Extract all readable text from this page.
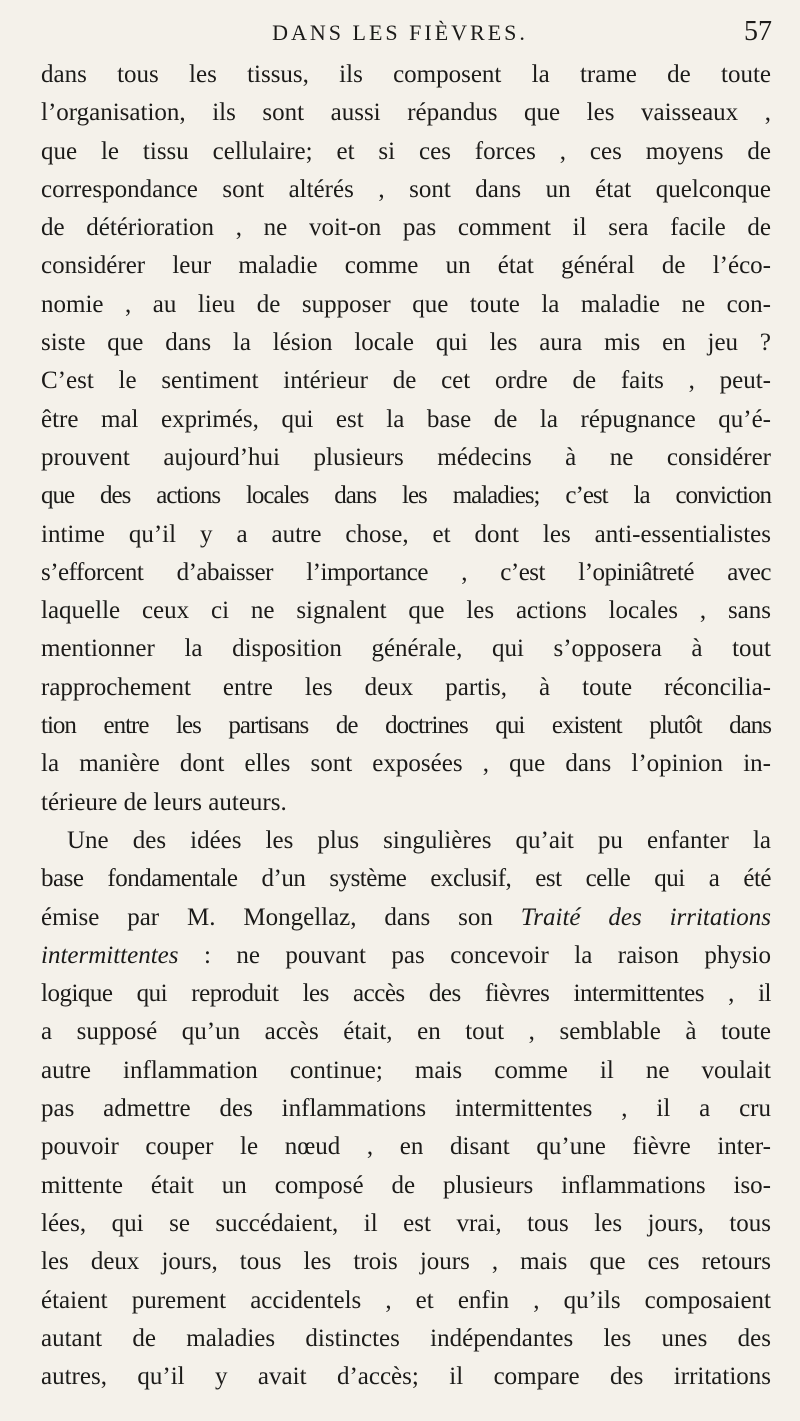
DANS LES FIÈVRES.	57
dans tous les tissus, ils composent la trame de toute
l’organisation, ils sont aussi répandus que les vaisseaux ,
que le tissu cellulaire; et si ces forces , ces moyens de
correspondance sont altérés , sont dans un état quelconque
de détérioration , ne voit-on pas comment il sera facile de
considérer leur maladie comme un état général de l’éco-
nomie , au lieu de supposer que toute la maladie ne con-
siste que dans la lésion locale qui les aura mis en jeu ?
C’est le sentiment intérieur de cet ordre de faits , peut-
être mal exprimés, qui est la base de la répugnance qu’é-
prouvent aujourd’hui plusieurs médecins à ne considérer
que des actions locales dans les maladies; c’est la conviction
intime qu’il y a autre chose, et dont les anti-essentialistes
s’efforcent d’abaisser l’importance , c’est l’opiniâtreté avec
laquelle ceux ci ne signalent que les actions locales , sans
mentionner la disposition générale, qui s’opposera à tout
rapprochement entre les deux partis, à toute réconcilia-
tion entre les partisans de doctrines qui existent plutôt dans
la manière dont elles sont exposées , que dans l’opinion in-
térieure de leurs auteurs.
Une des idées les plus singulières qu’ait pu enfanter la
base fondamentale d’un système exclusif, est celle qui a été
émise par M. Mongellaz, dans son Traité des irritations
intermittentes : ne pouvant pas concevoir la raison physio
logique qui reproduit les accès des fièvres intermittentes , il
a supposé qu’un accès était, en tout , semblable à toute
autre inflammation continue; mais comme il ne voulait
pas admettre des inflammations intermittentes , il a cru
pouvoir couper le nœud , en disant qu’une fièvre inter-
mittente était un composé de plusieurs inflammations iso-
lées, qui se succédaient, il est vrai, tous les jours, tous
les deux jours, tous les trois jours , mais que ces retours
étaient purement accidentels , et enfin , qu’ils composaient
autant de maladies distinctes indépendantes les unes des
autres, qu’il y avait d’accès; il compare des irritations
